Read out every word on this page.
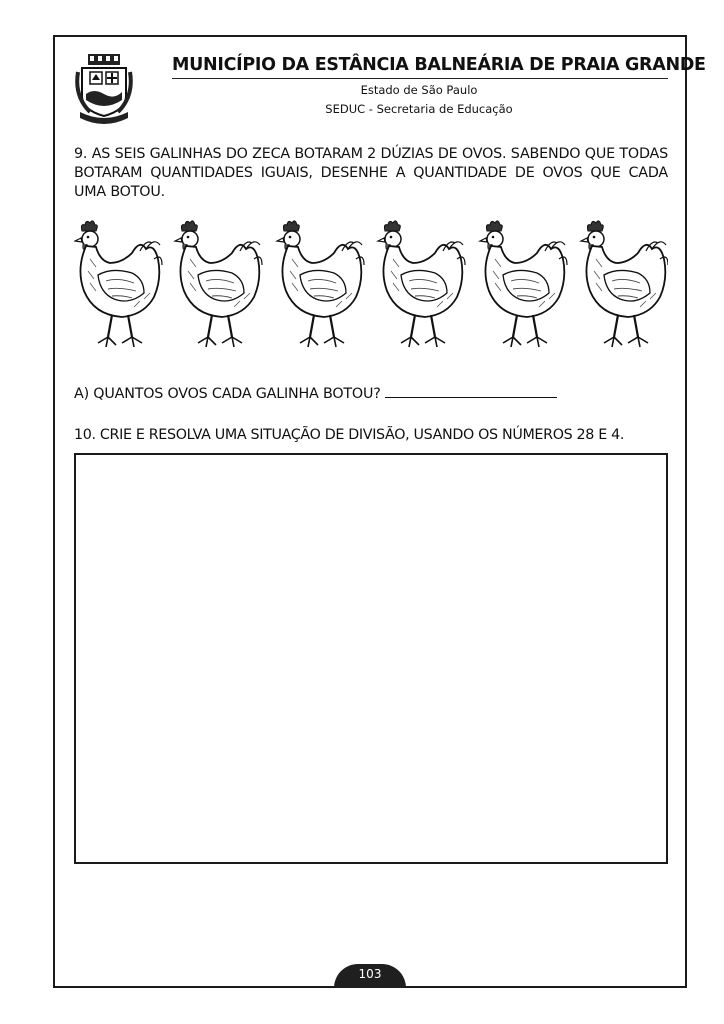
MUNICÍPIO DA ESTÂNCIA BALNEÁRIA DE PRAIA GRANDE
Estado de São Paulo
SEDUC - Secretaria de Educação
9. AS SEIS GALINHAS DO ZECA BOTARAM 2 DÚZIAS DE OVOS. SABENDO QUE TODAS BOTARAM QUANTIDADES IGUAIS, DESENHE A QUANTIDADE DE OVOS QUE CADA UMA BOTOU.
A) QUANTOS OVOS CADA GALINHA BOTOU?
10. CRIE E RESOLVA UMA SITUAÇÃO DE DIVISÃO, USANDO OS NÚMEROS 28 E 4.
103
